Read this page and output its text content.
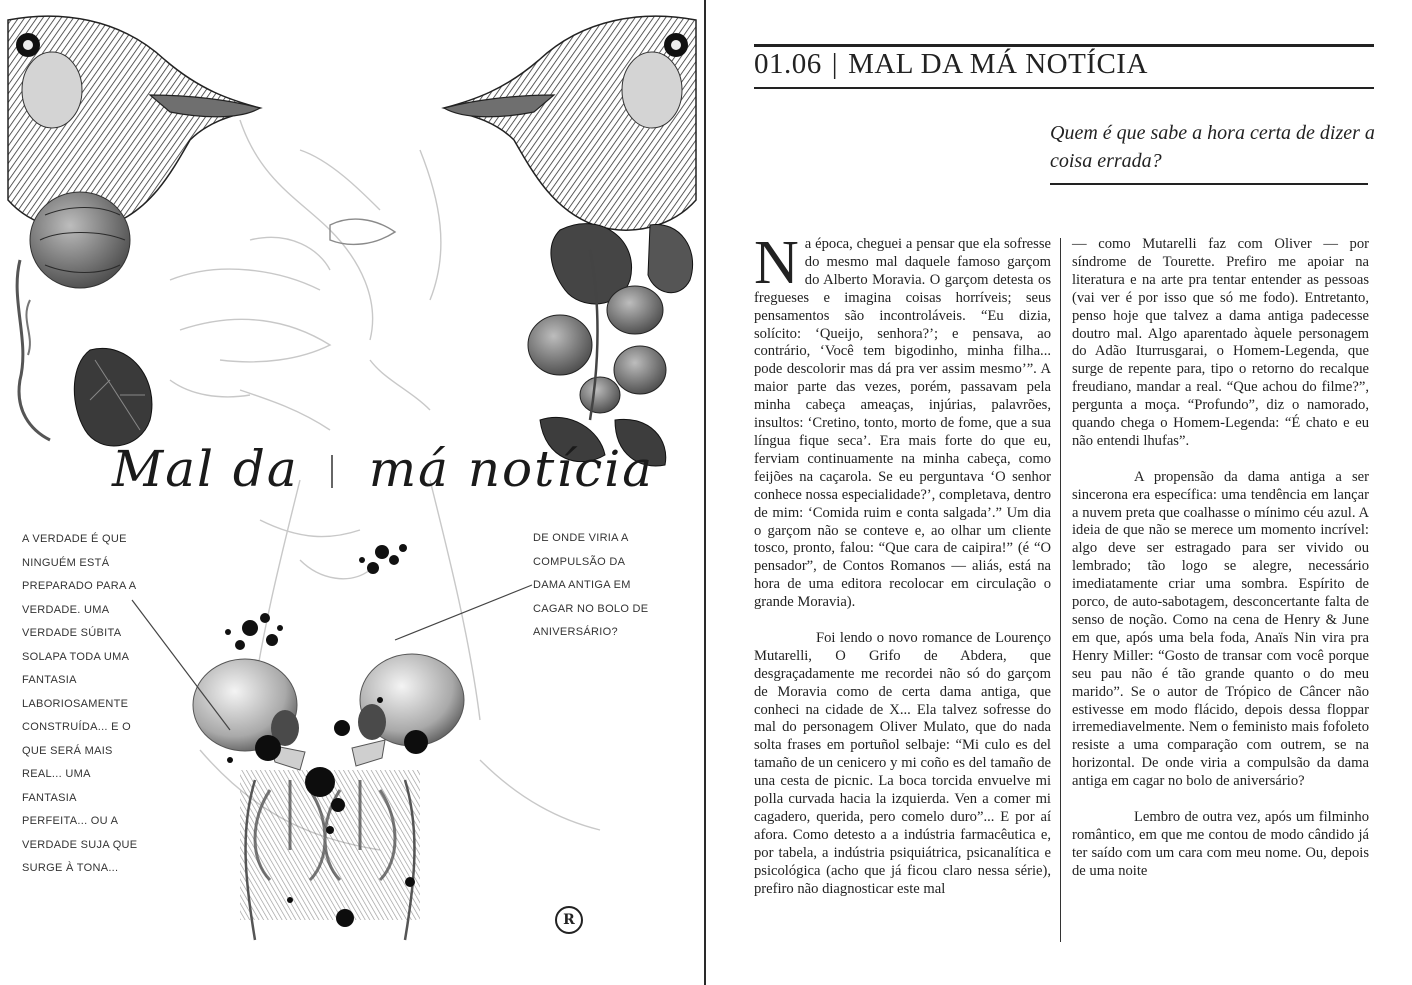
Mal da má notícia
A VERDADE É QUE NINGUÉM ESTÁ PREPARADO PARA A VERDADE. UMA VERDADE SÚBITA SOLAPA TODA UMA FANTASIA LABORIOSAMENTE CONSTRUÍDA... E O QUE SERÁ MAIS REAL... UMA FANTASIA PERFEITA... OU A VERDADE SUJA QUE SURGE À TONA...
DE ONDE VIRIA A COMPULSÃO DA DAMA ANTIGA EM CAGAR NO BOLO DE ANIVERSÁRIO?
R
01.06 | MAL DA MÁ NOTÍCIA
Quem é que sabe a hora certa de dizer a coisa errada?

Na época, cheguei a pensar que ela sofresse do mesmo mal daquele famoso garçom do Alberto Moravia. O garçom detesta os fregueses e imagina coisas horríveis; seus pensamentos são incontroláveis. “Eu dizia, solícito: ‘Queijo, senhora?’; e pensava, ao contrário, ‘Você tem bigodinho, minha filha... pode descolorir mas dá pra ver assim mesmo’”. A maior parte das vezes, porém, passavam pela minha cabeça ameaças, injúrias, palavrões, insultos: ‘Cretino, tonto, morto de fome, que a sua língua fique seca’. Era mais forte do que eu, ferviam continuamente na minha cabeça, como feijões na caçarola. Se eu perguntava ‘O senhor conhece nossa especialidade?’, completava, dentro de mim: ‘Comida ruim e conta salgada’.” Um dia o garçom não se conteve e, ao olhar um cliente tosco, pronto, falou: “Que cara de caipira!” (é “O pensador”, de Contos Romanos — aliás, está na hora de uma editora recolocar em circulação o grande Moravia).

Foi lendo o novo romance de Lourenço Mutarelli, O Grifo de Abdera, que desgraçadamente me recordei não só do garçom de Moravia como de certa dama antiga, que conheci na cidade de X... Ela talvez sofresse do mal do personagem Oliver Mulato, que do nada solta frases em portuñol selbaje: “Mi culo es del tamaño de un cenicero y mi coño es del tamaño de una cesta de picnic. La boca torcida envuelve mi polla curvada hacia la izquierda. Ven a comer mi cagadero, querida, pero comelo duro”... E por aí afora. Como detesto a a indústria farmacêutica e, por tabela, a indústria psiquiátrica, psicanalítica e psicológica (acho que já ficou claro nessa série), prefiro não diagnosticar este mal

— como Mutarelli faz com Oliver — por síndrome de Tourette. Prefiro me apoiar na literatura e na arte pra tentar entender as pessoas (vai ver é por isso que só me fodo). Entretanto, penso hoje que talvez a dama antiga padecesse doutro mal. Algo aparentado àquele personagem do Adão Iturrusgarai, o Homem-Legenda, que surge de repente para, tipo o retorno do recalque freudiano, mandar a real. “Que achou do filme?”, pergunta a moça. “Profundo”, diz o namorado, quando chega o Homem-Legenda: “É chato e eu não entendi lhufas”.

A propensão da dama antiga a ser sincerona era específica: uma tendência em lançar a nuvem preta que coalhasse o mínimo céu azul. A ideia de que não se merece um momento incrível: algo deve ser estragado para ser vivido ou lembrado; tão logo se alegre, necessário imediatamente criar uma sombra. Espírito de porco, de auto-sabotagem, desconcertante falta de senso de noção. Como na cena de Henry & June em que, após uma bela foda, Anaïs Nin vira pra Henry Miller: “Gosto de transar com você porque seu pau não é tão grande quanto o do meu marido”. Se o autor de Trópico de Câncer não estivesse em modo flácido, depois dessa floppar irremediavelmente. Nem o feministo mais fofoleto resiste a uma comparação com outrem, se na horizontal. De onde viria a compulsão da dama antiga em cagar no bolo de aniversário?

Lembro de outra vez, após um filminho romântico, em que me contou de modo cândido já ter saído com um cara com meu nome. Ou, depois de uma noite
